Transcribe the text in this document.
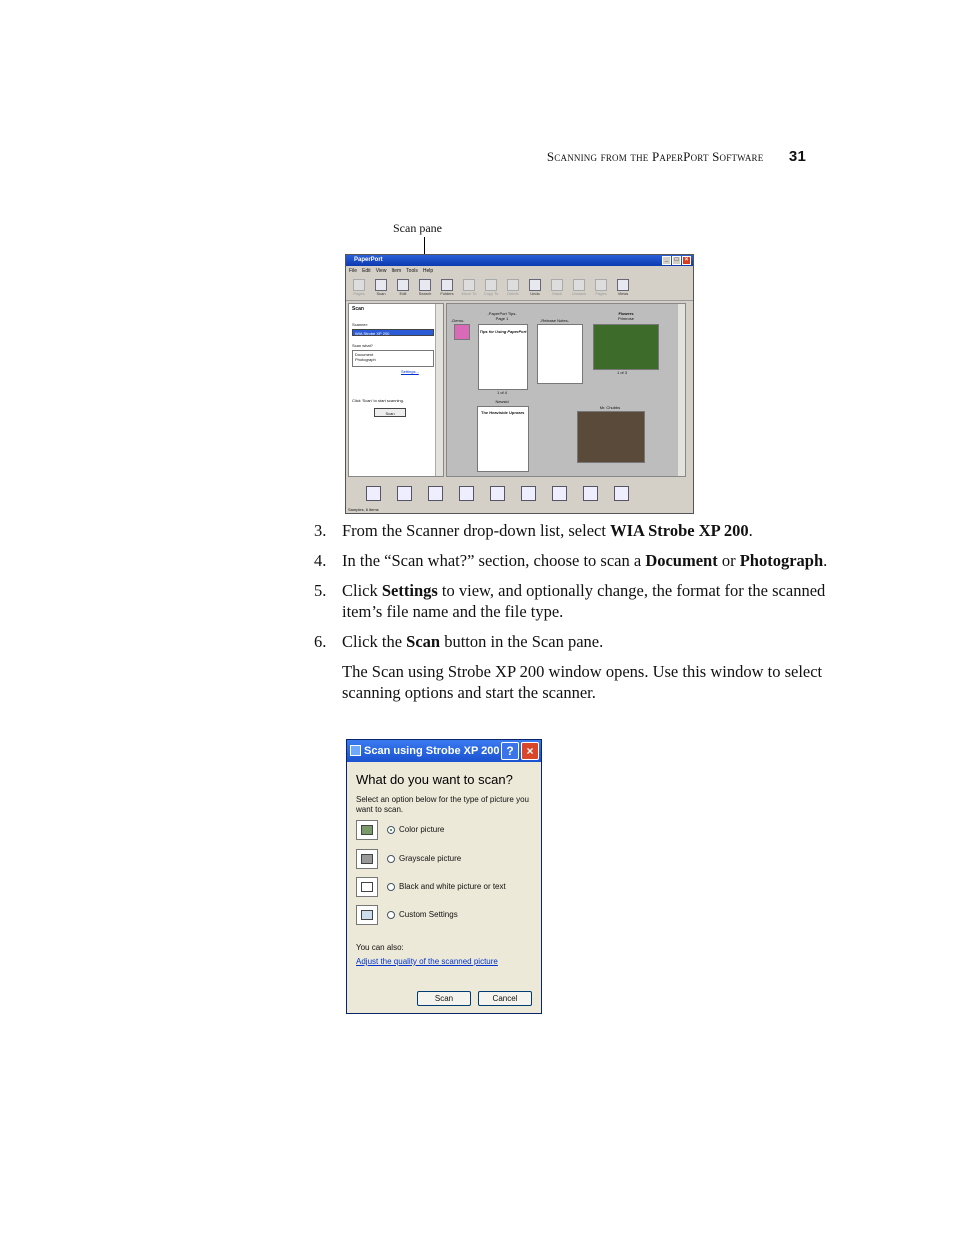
Scanning from the PaperPort Software 31
Scan pane
PaperPort	_	□	×
File Edit View Item Tools Help
Pages	Scan	Edit	Search Folders Move To Copy To Delete	Undo	Stack Unstack Pages	Views
Scan
Scanner:
WIA Strobe XP 200
Scan what?
Document
Photograph
Settings...
Click 'Scan' to start scanning.
Scan
-Demo-
-PaperPort Tips-
Page 1
Tips for Using PaperPort
1 of 4
-Release Notes-
Flowers
Primrose
1 of 3
Newsid
The Heaviside Uproars
Mr. Chubbs
Samples, 6 items
3. From the Scanner drop-down list, select WIA Strobe XP 200.
4. In the “Scan what?” section, choose to scan a Document or Photograph.
5. Click Settings to view, and optionally change, the format for the scanned item’s file name and the file type.
6. Click the Scan button in the Scan pane.
The Scan using Strobe XP 200 window opens. Use this window to select scanning options and start the scanner.
Scan using Strobe XP 200 ?	×
What do you want to scan?
Select an option below for the type of picture you want to scan.
Color picture
Grayscale picture
Black and white picture or text
Custom Settings
You can also:
Adjust the quality of the scanned picture
Scan	Cancel
